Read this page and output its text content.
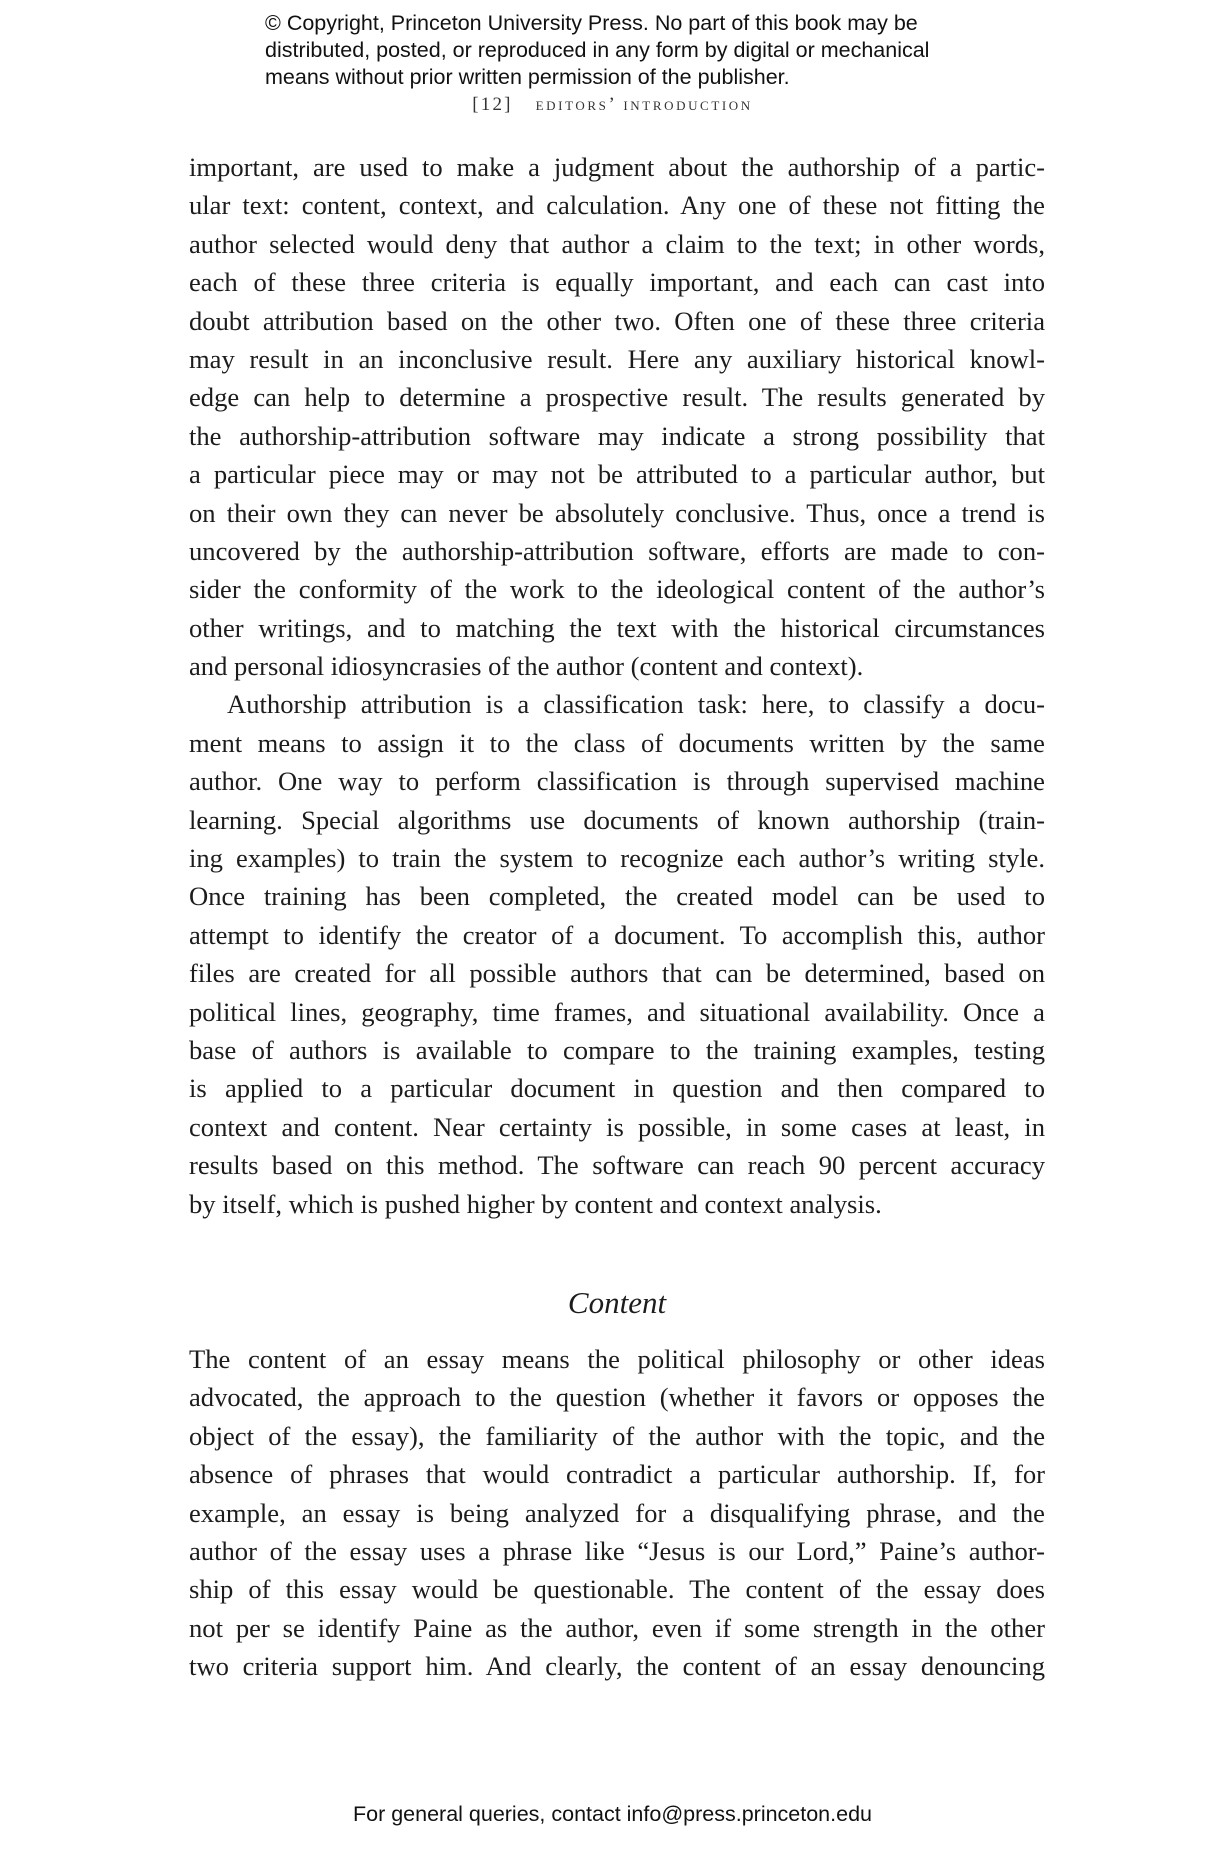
© Copyright, Princeton University Press. No part of this book may be
distributed, posted, or reproduced in any form by digital or mechanical
means without prior written permission of the publisher.
[12] editors’ introduction
important, are used to make a judgment about the authorship of a partic-
ular text: content, context, and calculation. Any one of these not fitting the
author selected would deny that author a claim to the text; in other words,
each of these three criteria is equally important, and each can cast into
doubt attribution based on the other two. Often one of these three criteria
may result in an inconclusive result. Here any auxiliary historical knowl-
edge can help to determine a prospective result. The results generated by
the authorship-attribution software may indicate a strong possibility that
a particular piece may or may not be attributed to a particular author, but
on their own they can never be absolutely conclusive. Thus, once a trend is
uncovered by the authorship-attribution software, efforts are made to con-
sider the conformity of the work to the ideological content of the author’s
other writings, and to matching the text with the historical circumstances
and personal idiosyncrasies of the author (content and context).
Authorship attribution is a classification task: here, to classify a docu-
ment means to assign it to the class of documents written by the same
author. One way to perform classification is through supervised machine
learning. Special algorithms use documents of known authorship (train-
ing examples) to train the system to recognize each author’s writing style.
Once training has been completed, the created model can be used to
attempt to identify the creator of a document. To accomplish this, author
files are created for all possible authors that can be determined, based on
political lines, geography, time frames, and situational availability. Once a
base of authors is available to compare to the training examples, testing
is applied to a particular document in question and then compared to
context and content. Near certainty is possible, in some cases at least, in
results based on this method. The software can reach 90 percent accuracy
by itself, which is pushed higher by content and context analysis.
Content
The content of an essay means the political philosophy or other ideas
advocated, the approach to the question (whether it favors or opposes the
object of the essay), the familiarity of the author with the topic, and the
absence of phrases that would contradict a particular authorship. If, for
example, an essay is being analyzed for a disqualifying phrase, and the
author of the essay uses a phrase like “Jesus is our Lord,” Paine’s author-
ship of this essay would be questionable. The content of the essay does
not per se identify Paine as the author, even if some strength in the other
two criteria support him. And clearly, the content of an essay denouncing
For general queries, contact info@press.princeton.edu
